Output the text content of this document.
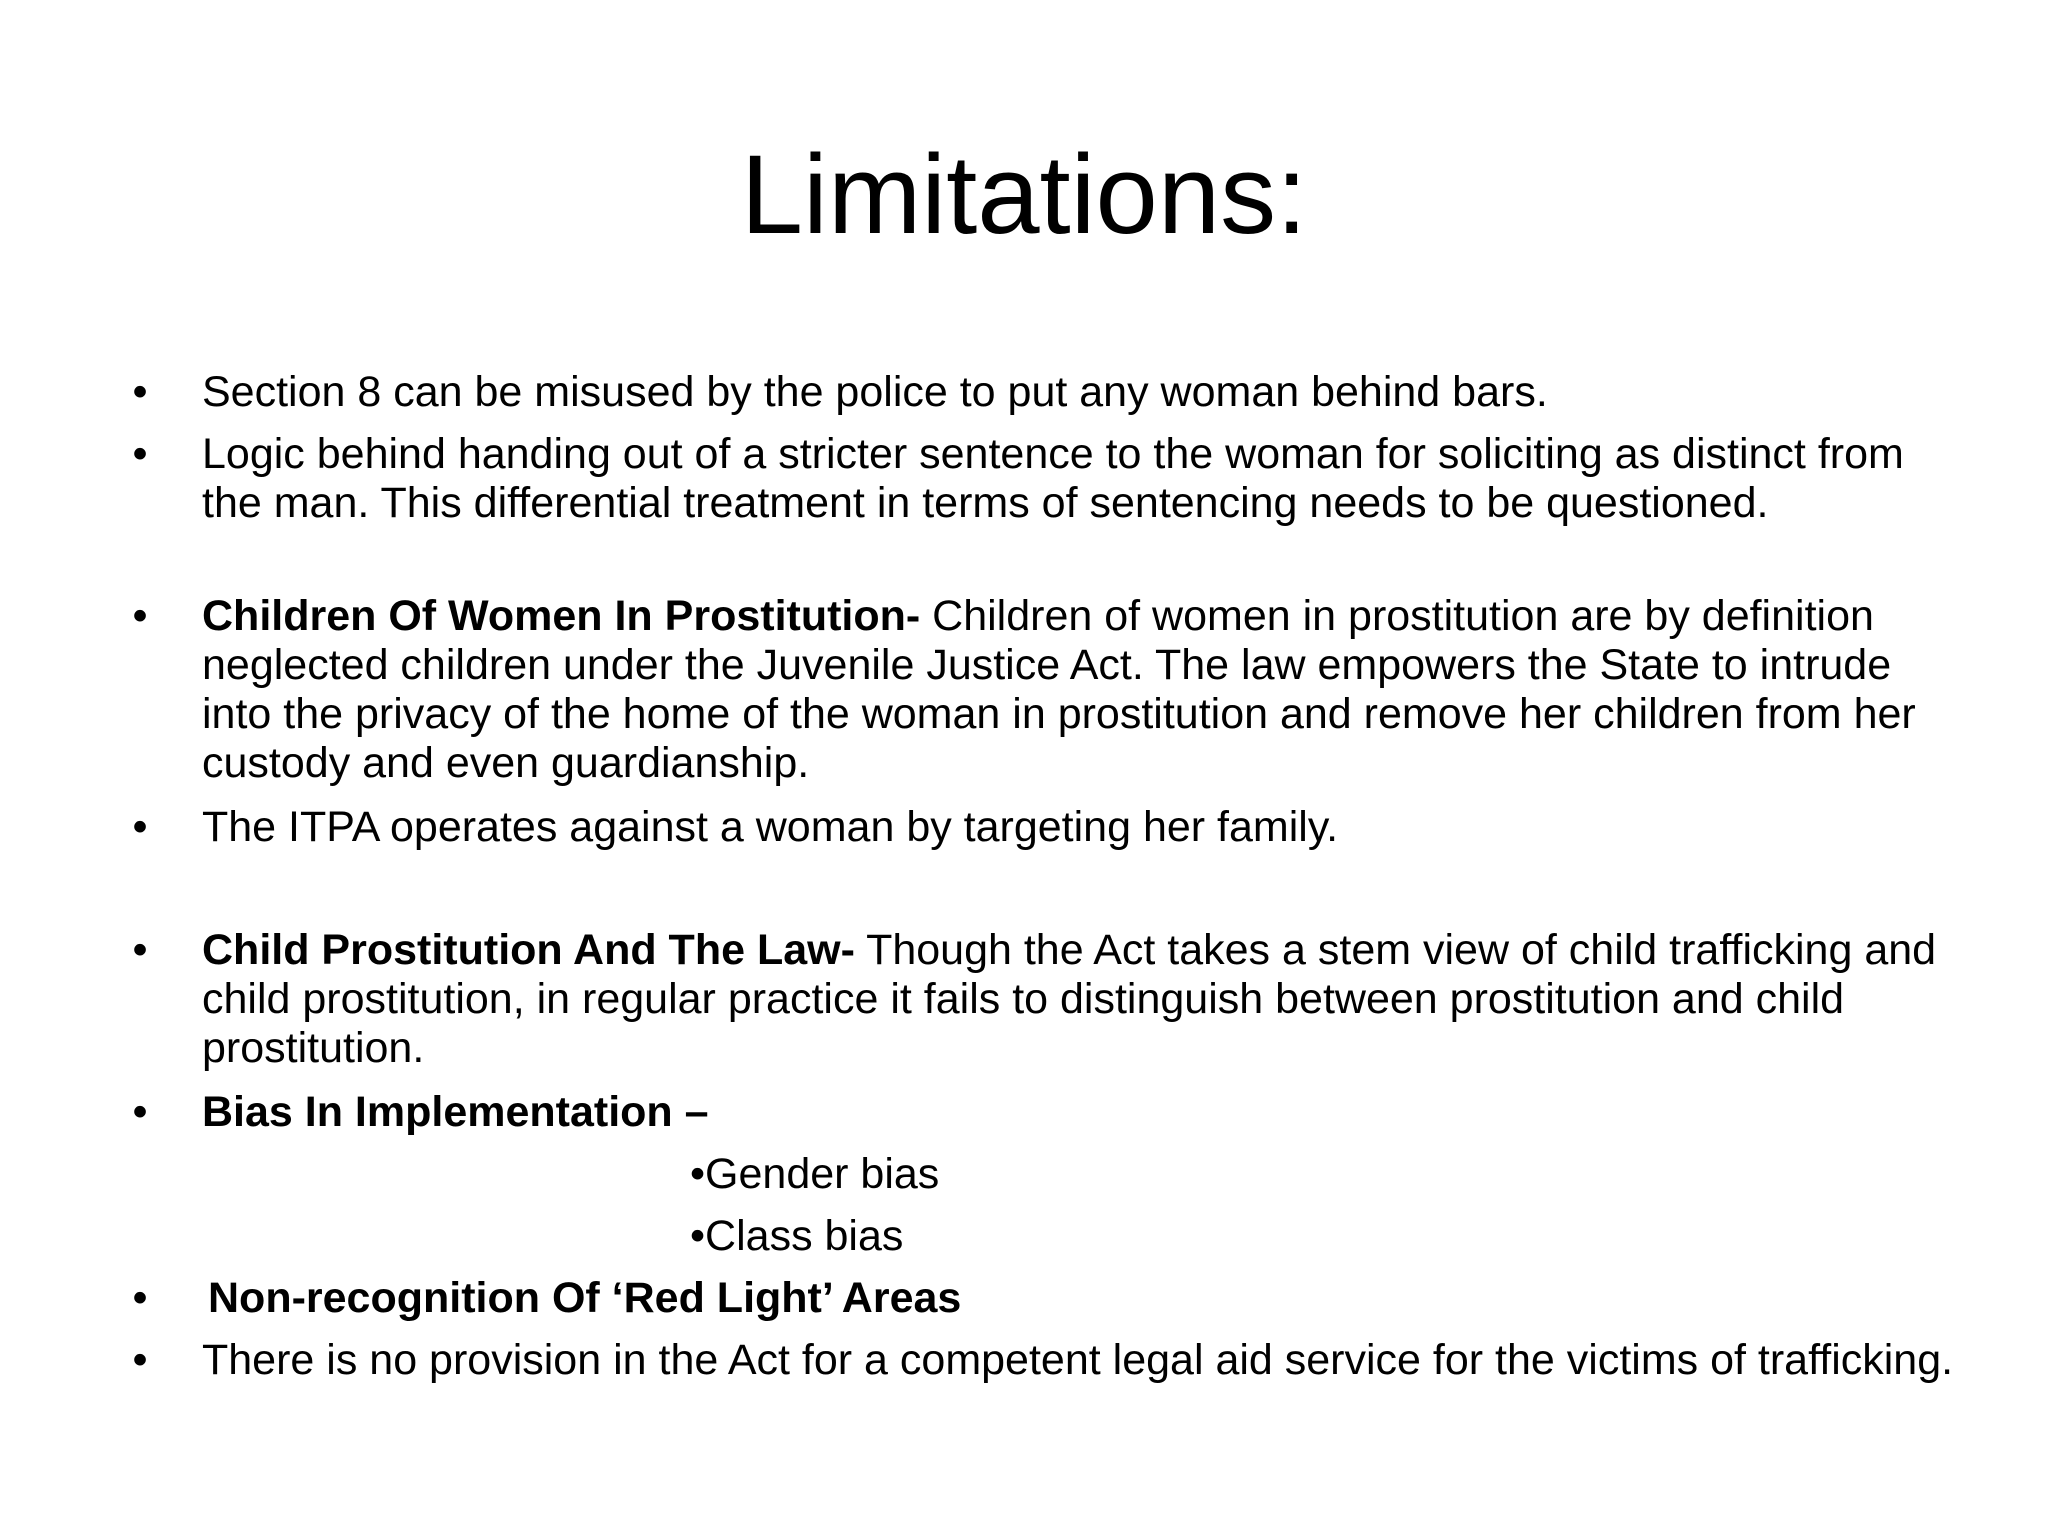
Limitations:
• Section 8 can be misused by the police to put any woman behind bars.
• Logic behind handing out of a stricter sentence to the woman for soliciting as distinct from the man. This differential treatment in terms of sentencing needs to be questioned.
• Children Of Women In Prostitution- Children of women in prostitution are by definition neglected children under the Juvenile Justice Act. The law empowers the State to intrude into the privacy of the home of the woman in prostitution and remove her children from her custody and even guardianship.
• The ITPA operates against a woman by targeting her family.
• Child Prostitution And The Law- Though the Act takes a stem view of child trafficking and child prostitution, in regular practice it fails to distinguish between prostitution and child prostitution.
• Bias In Implementation –
•Gender bias
•Class bias
• Non-recognition Of ‘Red Light’ Areas
• There is no provision in the Act for a competent legal aid service for the victims of trafficking.
